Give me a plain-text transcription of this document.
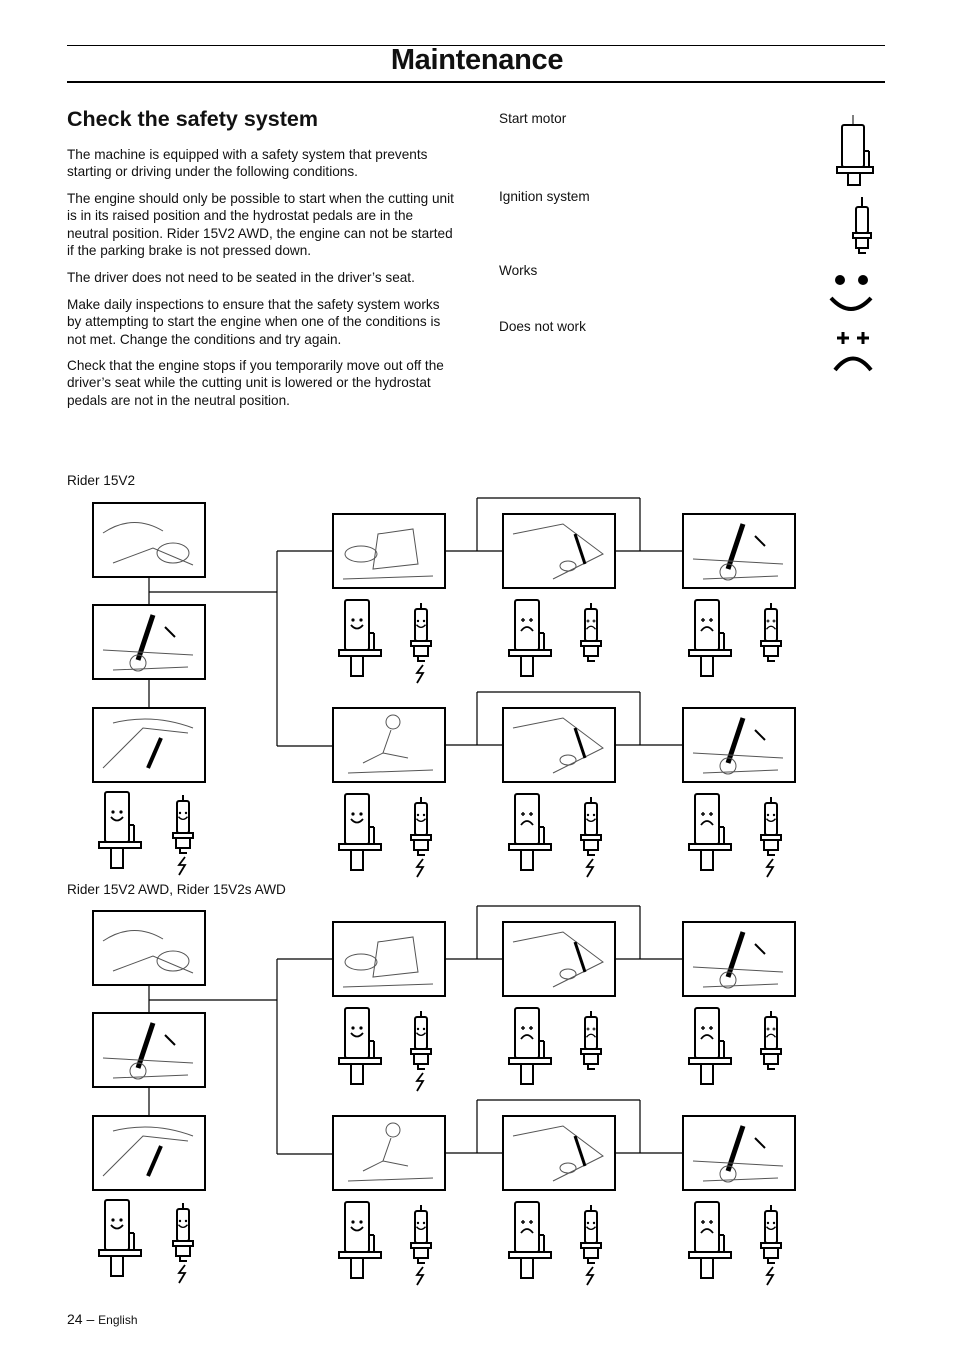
Maintenance
Check the safety system

The machine is equipped with a safety system that prevents starting or driving under the following conditions.

The engine should only be possible to start when the cutting unit is in its raised position and the hydrostat pedals are in the neutral position. Rider 15V2 AWD, the engine can not be started if the parking brake is not pressed down.

The driver does not need to be seated in the driver’s seat.

Make daily inspections to ensure that the safety system works by attempting to start the engine when one of the conditions is not met. Change the conditions and try again.

Check that the engine stops if you temporarily move out off the driver’s seat while the cutting unit is lowered or the hydrostat pedals are not in the neutral position.

Start motor
Ignition system
Works
Does not work
Rider 15V2
Rider 15V2 AWD, Rider 15V2s AWD
24 – English
